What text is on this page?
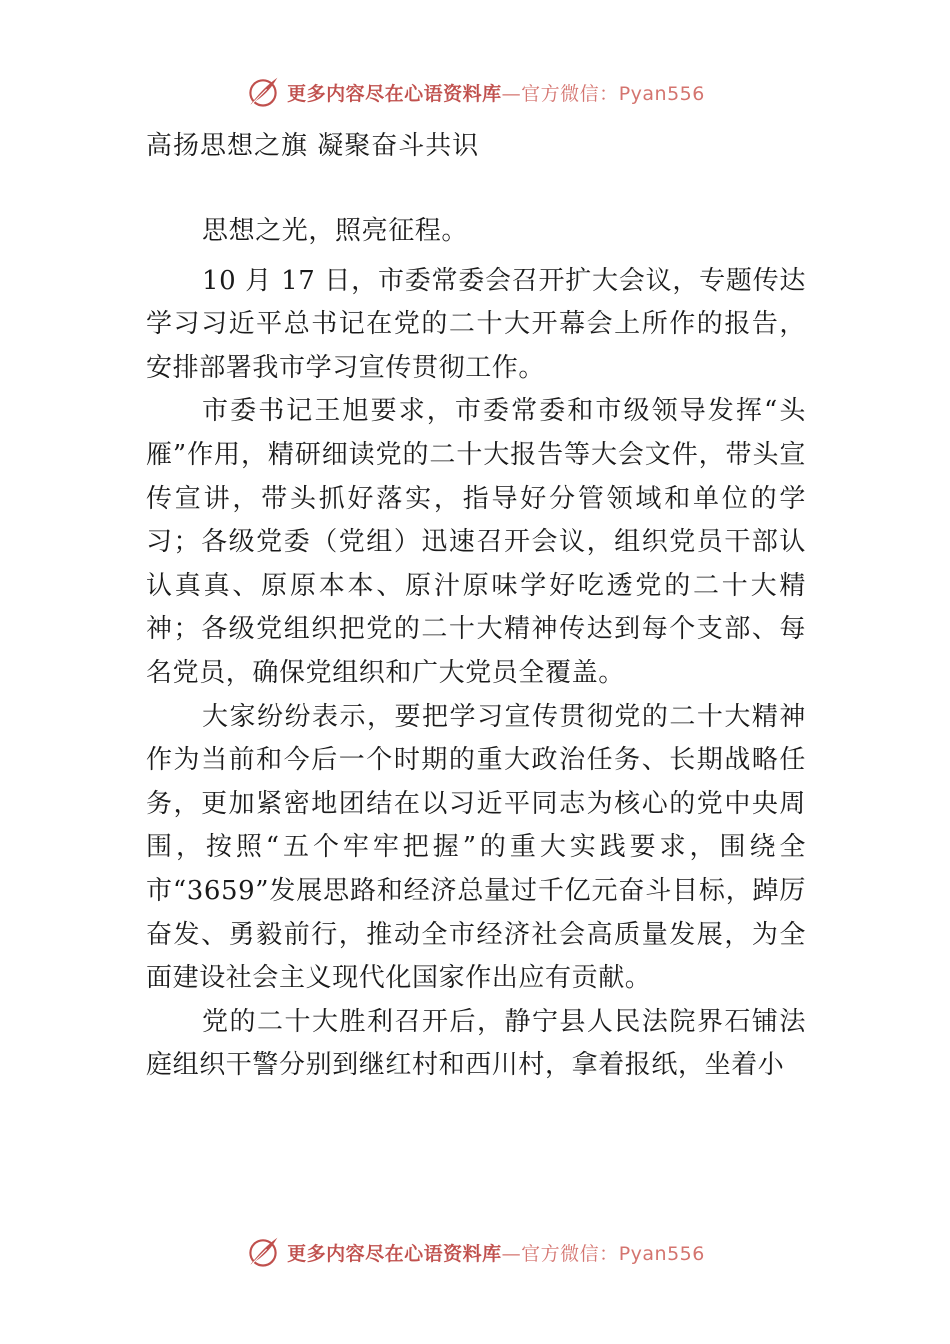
更多内容尽在心语资料库—官方微信：Pyan556
高扬思想之旗 凝聚奋斗共识

思想之光，照亮征程。

10 月 17 日，市委常委会召开扩大会议，专题传达学习习近平总书记在党的二十大开幕会上所作的报告，安排部署我市学习宣传贯彻工作。

市委书记王旭要求，市委常委和市级领导发挥“头雁”作用，精研细读党的二十大报告等大会文件，带头宣传宣讲，带头抓好落实，指导好分管领域和单位的学习；各级党委（党组）迅速召开会议，组织党员干部认认真真、原原本本、原汁原味学好吃透党的二十大精神；各级党组织把党的二十大精神传达到每个支部、每名党员，确保党组织和广大党员全覆盖。

大家纷纷表示，要把学习宣传贯彻党的二十大精神作为当前和今后一个时期的重大政治任务、长期战略任务，更加紧密地团结在以习近平同志为核心的党中央周围，按照“五个牢牢把握”的重大实践要求，围绕全市“3659”发展思路和经济总量过千亿元奋斗目标，踔厉奋发、勇毅前行，推动全市经济社会高质量发展，为全面建设社会主义现代化国家作出应有贡献。

党的二十大胜利召开后，静宁县人民法院界石铺法庭组织干警分别到继红村和西川村，拿着报纸，坐着小

更多内容尽在心语资料库—官方微信：Pyan556
